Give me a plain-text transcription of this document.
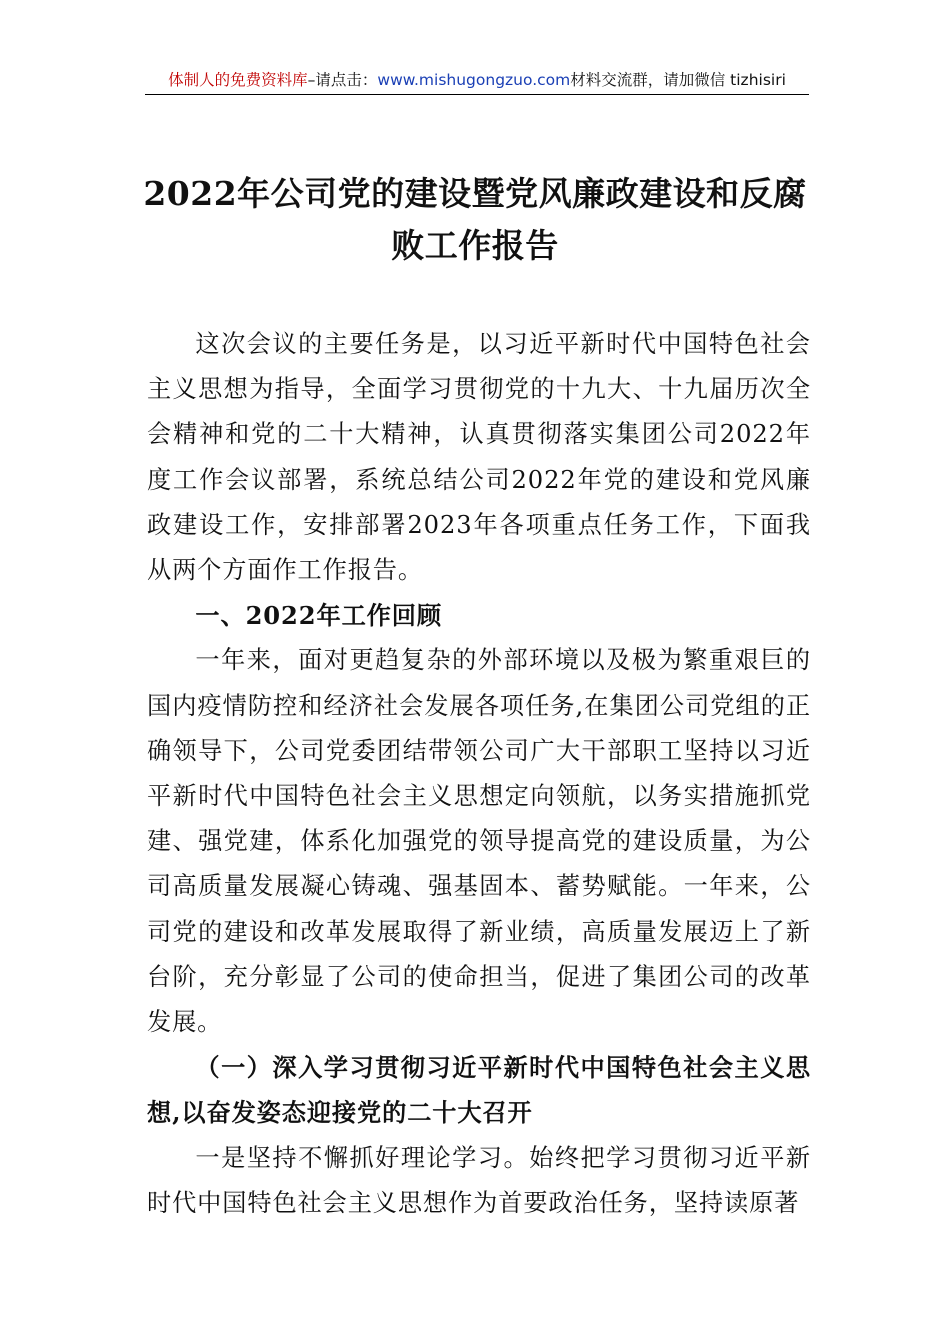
体制人的免费资料库–请点击：www.mishugongzuo.com材料交流群，请加微信 tizhisiri
2022年公司党的建设暨党风廉政建设和反腐败工作报告

这次会议的主要任务是，以习近平新时代中国特色社会主义思想为指导，全面学习贯彻党的十九大、十九届历次全会精神和党的二十大精神，认真贯彻落实集团公司2022年度工作会议部署，系统总结公司2022年党的建设和党风廉政建设工作，安排部署2023年各项重点任务工作，下面我从两个方面作工作报告。

一、2022年工作回顾

一年来，面对更趋复杂的外部环境以及极为繁重艰巨的国内疫情防控和经济社会发展各项任务,在集团公司党组的正确领导下，公司党委团结带领公司广大干部职工坚持以习近平新时代中国特色社会主义思想定向领航，以务实措施抓党建、强党建，体系化加强党的领导提高党的建设质量，为公司高质量发展凝心铸魂、强基固本、蓄势赋能。一年来，公司党的建设和改革发展取得了新业绩，高质量发展迈上了新台阶，充分彰显了公司的使命担当，促进了集团公司的改革发展。

（一）深入学习贯彻习近平新时代中国特色社会主义思想,以奋发姿态迎接党的二十大召开

一是坚持不懈抓好理论学习。始终把学习贯彻习近平新时代中国特色社会主义思想作为首要政治任务，坚持读原著
